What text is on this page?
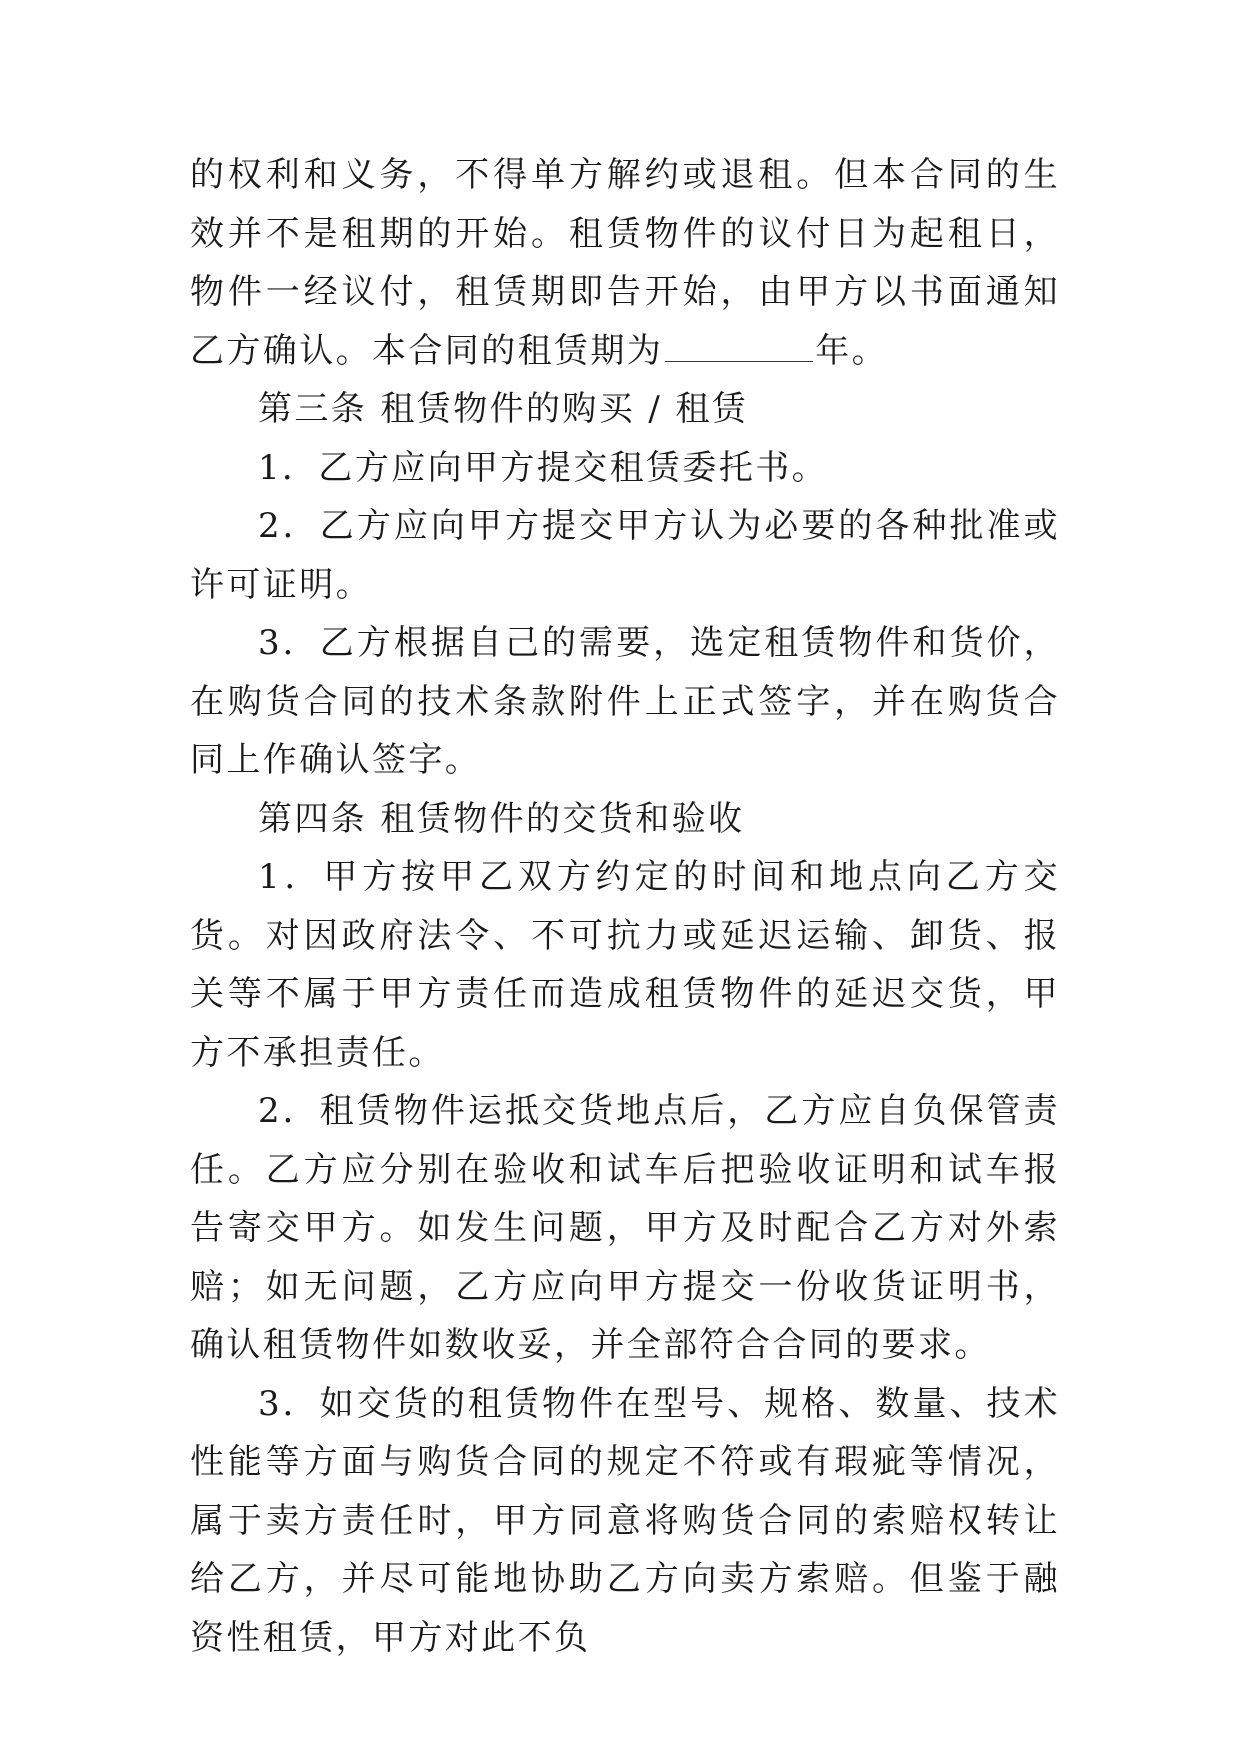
的权利和义务，不得单方解约或退租。但本合同的生效并不是租期的开始。租赁物件的议付日为起租日，物件一经议付，租赁期即告开始，由甲方以书面通知乙方确认。本合同的租赁期为	年。

第三条 租赁物件的购买 / 租赁

1．乙方应向甲方提交租赁委托书。

2．乙方应向甲方提交甲方认为必要的各种批准或许可证明。

3．乙方根据自己的需要，选定租赁物件和货价，在购货合同的技术条款附件上正式签字，并在购货合同上作确认签字。

第四条 租赁物件的交货和验收

1．甲方按甲乙双方约定的时间和地点向乙方交货。对因政府法令、不可抗力或延迟运输、卸货、报关等不属于甲方责任而造成租赁物件的延迟交货，甲方不承担责任。

2．租赁物件运抵交货地点后，乙方应自负保管责任。乙方应分别在验收和试车后把验收证明和试车报告寄交甲方。如发生问题，甲方及时配合乙方对外索赔；如无问题，乙方应向甲方提交一份收货证明书，确认租赁物件如数收妥，并全部符合合同的要求。

3．如交货的租赁物件在型号、规格、数量、技术性能等方面与购货合同的规定不符或有瑕疵等情况，属于卖方责任时，甲方同意将购货合同的索赔权转让给乙方，并尽可能地协助乙方向卖方索赔。但鉴于融资性租赁，甲方对此不负
